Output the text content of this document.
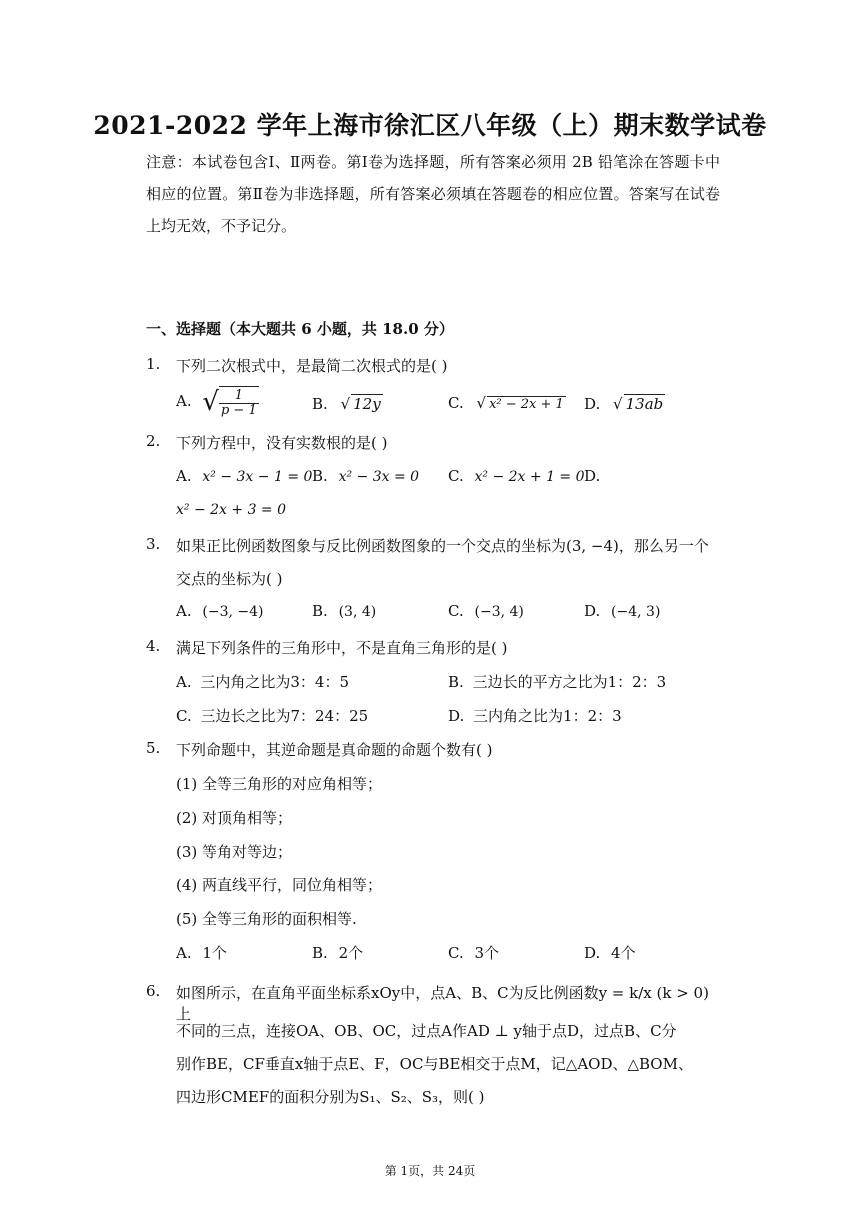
2021-2022 学年上海市徐汇区八年级（上）期末数学试卷
注意：本试卷包含Ⅰ、Ⅱ两卷。第Ⅰ卷为选择题，所有答案必须用 2B 铅笔涂在答题卡中相应的位置。第Ⅱ卷为非选择题，所有答案必须填在答题卷的相应位置。答案写在试卷上均无效，不予记分。
一、选择题（本大题共 6 小题，共 18.0 分）
1. 下列二次根式中，是最简二次根式的是( )
A. √ $\frac{1}{p - 1}$	B. √ 12y	C. √ x² − 2x + 1 D. √ 13ab
2. 下列方程中，没有实数根的是( )
A. x² − 3x − 1 = 0 B. x² − 3x = 0 C. x² − 2x + 1 = 0 D.
x² − 2x + 3 = 0
3. 如果正比例函数图象与反比例函数图象的一个交点的坐标为(3, −4)，那么另一个
交点的坐标为( )
A. (−3, −4)	B. (3, 4)	C. (−3, 4)	D. (−4, 3)
4. 满足下列条件的三角形中，不是直角三角形的是( )
A. 三内角之比为3：4：5	B. 三边长的平方之比为1：2：3
C. 三边长之比为7：24：25	D. 三内角之比为1：2：3
5. 下列命题中，其逆命题是真命题的命题个数有( )
(1) 全等三角形的对应角相等；
(2) 对顶角相等；
(3) 等角对等边；
(4) 两直线平行，同位角相等；
(5) 全等三角形的面积相等.
A. 1个	B. 2个	C. 3个	D. 4个
6. 如图所示，在直角平面坐标系xOy中，点A、B、C为反比例函数y = k/x (k > 0)上
不同的三点，连接OA、OB、OC，过点A作AD ⊥ y轴于点D，过点B、C分
别作BE，CF垂直x轴于点E、F，OC与BE相交于点M，记△AOD、△BOM、
四边形CMEF的面积分别为S₁、S₂、S₃，则( )
第 1页，共 24页
